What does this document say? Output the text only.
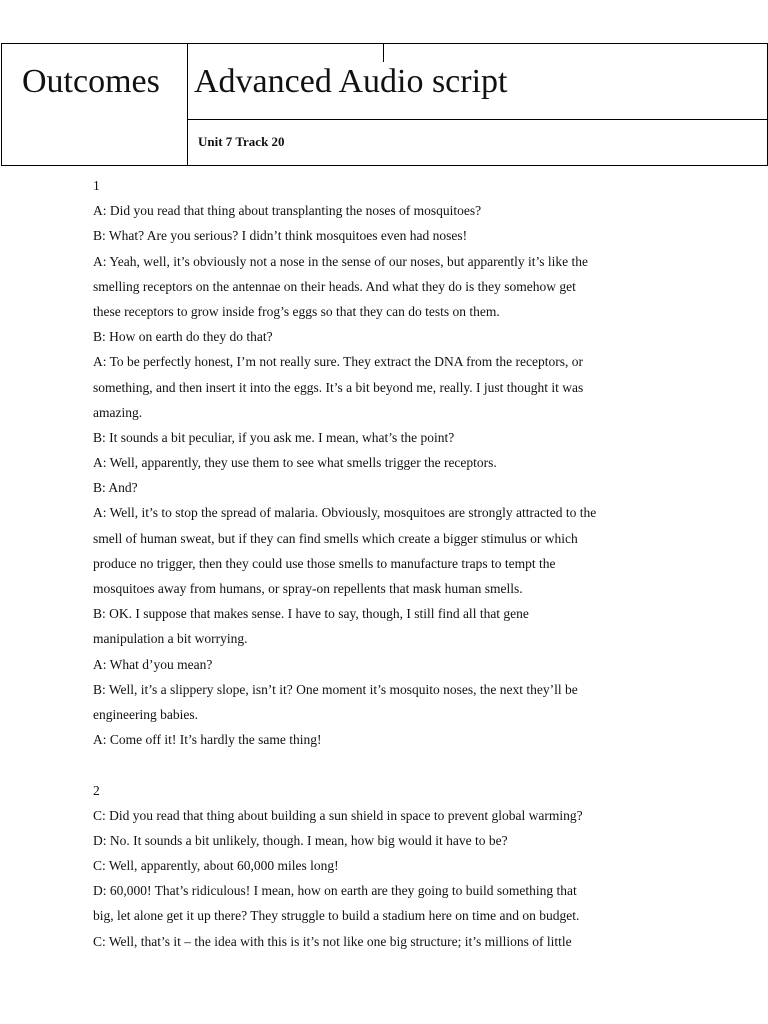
Outcomes	Advanced Audio script

Unit 7 Track 20
1
A: Did you read that thing about transplanting the noses of mosquitoes?
B: What? Are you serious? I didn’t think mosquitoes even had noses!
A: Yeah, well, it’s obviously not a nose in the sense of our noses, but apparently it’s like the
smelling receptors on the antennae on their heads. And what they do is they somehow get
these receptors to grow inside frog’s eggs so that they can do tests on them.
B: How on earth do they do that?
A: To be perfectly honest, I’m not really sure. They extract the DNA from the receptors, or
something, and then insert it into the eggs. It’s a bit beyond me, really. I just thought it was
amazing.
B: It sounds a bit peculiar, if you ask me. I mean, what’s the point?
A: Well, apparently, they use them to see what smells trigger the receptors.
B: And?
A: Well, it’s to stop the spread of malaria. Obviously, mosquitoes are strongly attracted to the
smell of human sweat, but if they can find smells which create a bigger stimulus or which
produce no trigger, then they could use those smells to manufacture traps to tempt the
mosquitoes away from humans, or spray-on repellents that mask human smells.
B: OK. I suppose that makes sense. I have to say, though, I still find all that gene
manipulation a bit worrying.
A: What d’you mean?
B: Well, it’s a slippery slope, isn’t it? One moment it’s mosquito noses, the next they’ll be
engineering babies.
A: Come off it! It’s hardly the same thing!
2
C: Did you read that thing about building a sun shield in space to prevent global warming?
D: No. It sounds a bit unlikely, though. I mean, how big would it have to be?
C: Well, apparently, about 60,000 miles long!
D: 60,000! That’s ridiculous! I mean, how on earth are they going to build something that
big, let alone get it up there? They struggle to build a stadium here on time and on budget.
C: Well, that’s it – the idea with this is it’s not like one big structure; it’s millions of little
